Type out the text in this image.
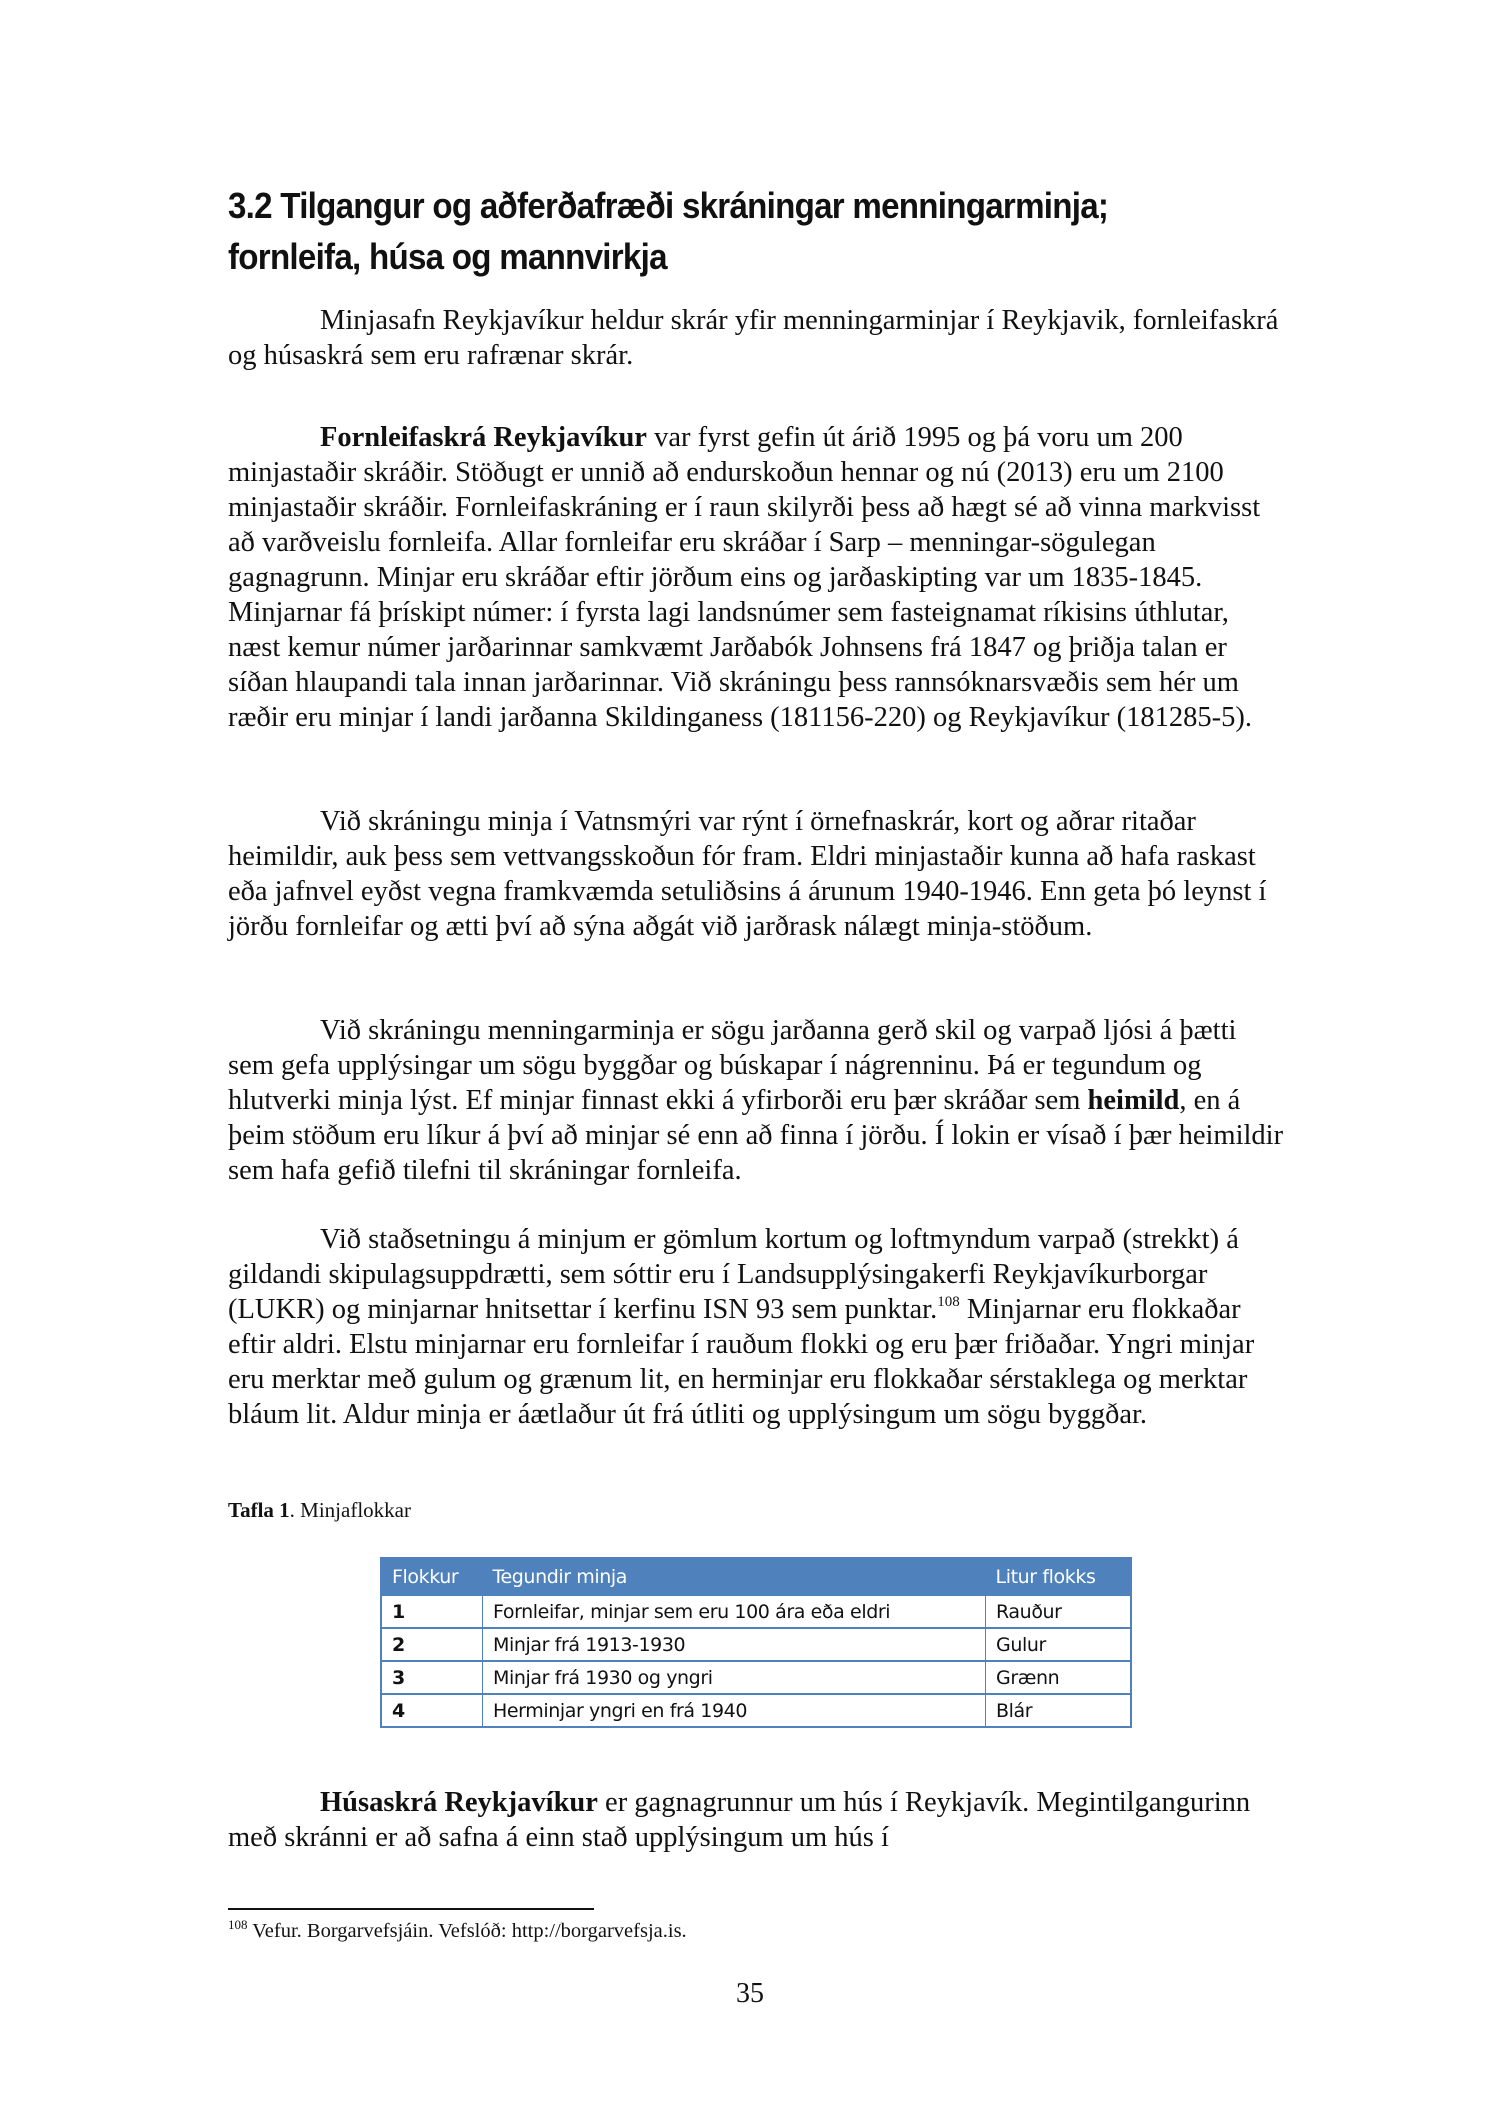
3.2 Tilgangur og aðferðafræði skráningar menningarminja;
fornleifa, húsa og mannvirkja

Minjasafn Reykjavíkur heldur skrár yfir menningarminjar í Reykjavik, fornleifaskrá og húsaskrá sem eru rafrænar skrár.

Fornleifaskrá Reykjavíkur var fyrst gefin út árið 1995 og þá voru um 200 minjastaðir skráðir. Stöðugt er unnið að endurskoðun hennar og nú (2013) eru um 2100 minjastaðir skráðir. Fornleifaskráning er í raun skilyrði þess að hægt sé að vinna markvisst að varðveislu fornleifa. Allar fornleifar eru skráðar í Sarp – menningar-sögulegan gagnagrunn. Minjar eru skráðar eftir jörðum eins og jarðaskipting var um 1835-1845. Minjarnar fá þrískipt númer: í fyrsta lagi landsnúmer sem fasteignamat ríkisins úthlutar, næst kemur númer jarðarinnar samkvæmt Jarðabók Johnsens frá 1847 og þriðja talan er síðan hlaupandi tala innan jarðarinnar. Við skráningu þess rannsóknarsvæðis sem hér um ræðir eru minjar í landi jarðanna Skildinganess (181156-220) og Reykjavíkur (181285-5).

Við skráningu minja í Vatnsmýri var rýnt í örnefnaskrár, kort og aðrar ritaðar heimildir, auk þess sem vettvangsskoðun fór fram. Eldri minjastaðir kunna að hafa raskast eða jafnvel eyðst vegna framkvæmda setuliðsins á árunum 1940-1946. Enn geta þó leynst í jörðu fornleifar og ætti því að sýna aðgát við jarðrask nálægt minja-stöðum.

Við skráningu menningarminja er sögu jarðanna gerð skil og varpað ljósi á þætti sem gefa upplýsingar um sögu byggðar og búskapar í nágrenninu. Þá er tegundum og hlutverki minja lýst. Ef minjar finnast ekki á yfirborði eru þær skráðar sem heimild, en á þeim stöðum eru líkur á því að minjar sé enn að finna í jörðu. Í lokin er vísað í þær heimildir sem hafa gefið tilefni til skráningar fornleifa.

Við staðsetningu á minjum er gömlum kortum og loftmyndum varpað (strekkt) á gildandi skipulagsuppdrætti, sem sóttir eru í Landsupplýsingakerfi Reykjavíkurborgar (LUKR) og minjarnar hnitsettar í kerfinu ISN 93 sem punktar.$^{108}$ Minjarnar eru flokkaðar eftir aldri. Elstu minjarnar eru fornleifar í rauðum flokki og eru þær friðaðar. Yngri minjar eru merktar með gulum og grænum lit, en herminjar eru flokkaðar sérstaklega og merktar bláum lit. Aldur minja er áætlaður út frá útliti og upplýsingum um sögu byggðar.

Tafla 1. Minjaflokkar
Flokkur	Tegundir minja	Litur flokks
1	Fornleifar, minjar sem eru 100 ára eða eldri	Rauður
2	Minjar frá 1913-1930	Gulur
3	Minjar frá 1930 og yngri	Grænn
4	Herminjar yngri en frá 1940	Blár

Húsaskrá Reykjavíkur er gagnagrunnur um hús í Reykjavík. Megintilgangurinn með skránni er að safna á einn stað upplýsingum um hús í

$^{108}$ Vefur. Borgarvefsjáin. Vefslóð: http://borgarvefsja.is.
35
